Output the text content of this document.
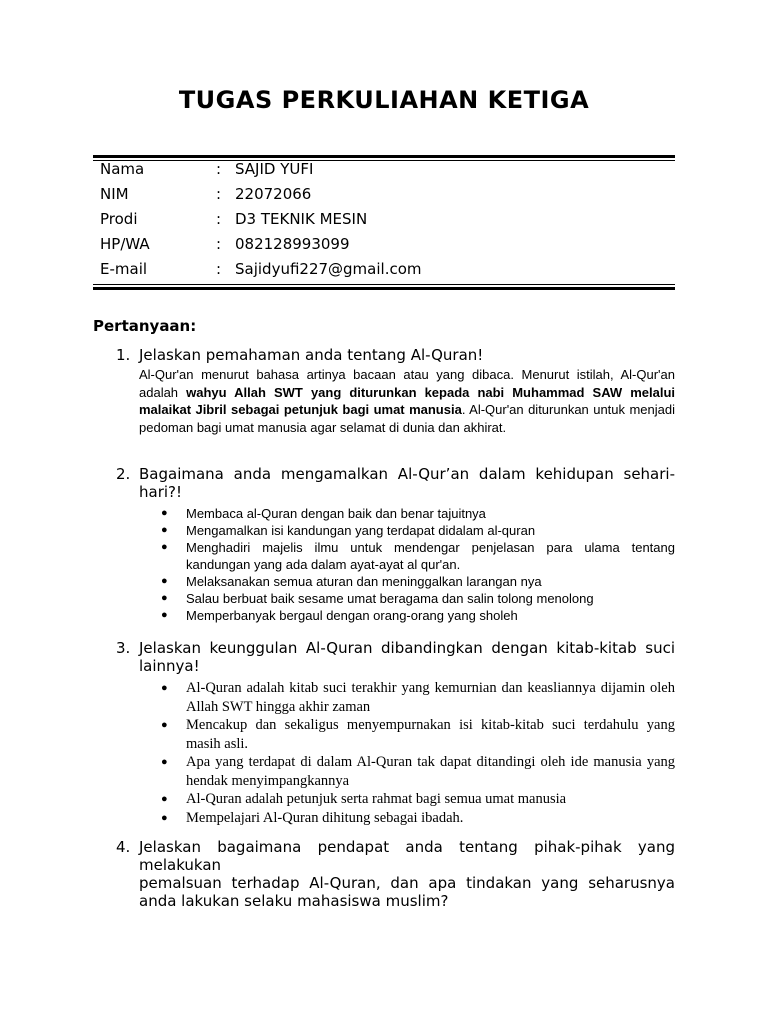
TUGAS PERKULIAHAN KETIGA
Nama	: SAJID YUFI
NIM	: 22072066
Prodi	: D3 TEKNIK MESIN
HP/WA	: 082128993099
E-mail	: Sajidyufi227@gmail.com
Pertanyaan:
1. Jelaskan pemahaman anda tentang Al-Quran!
Al-Qur'an menurut bahasa artinya bacaan atau yang dibaca. Menurut istilah, Al-Qur'an adalah wahyu Allah SWT yang diturunkan kepada nabi Muhammad SAW melalui malaikat Jibril sebagai petunjuk bagi umat manusia. Al-Qur'an diturunkan untuk menjadi pedoman bagi umat manusia agar selamat di dunia dan akhirat.
2. Bagaimana anda mengamalkan Al-Qur’an dalam kehidupan sehari-hari?!
● Membaca al-Quran dengan baik dan benar tajuitnya
● Mengamalkan isi kandungan yang terdapat didalam al-quran
● Menghadiri majelis ilmu untuk mendengar penjelasan para ulama tentang kandungan yang ada dalam ayat-ayat al qur'an.
● Melaksanakan semua aturan dan meninggalkan larangan nya
● Salau berbuat baik sesame umat beragama dan salin tolong menolong
● Memperbanyak bergaul dengan orang-orang yang sholeh
3. Jelaskan keunggulan Al-Quran dibandingkan dengan kitab-kitab suci lainnya!
● Al-Quran adalah kitab suci terakhir yang kemurnian dan keasliannya dijamin oleh Allah SWT hingga akhir zaman
● Mencakup dan sekaligus menyempurnakan isi kitab-kitab suci terdahulu yang masih asli.
● Apa yang terdapat di dalam Al-Quran tak dapat ditandingi oleh ide manusia yang hendak menyimpangkannya
● Al-Quran adalah petunjuk serta rahmat bagi semua umat manusia
● Mempelajari Al-Quran dihitung sebagai ibadah.
4. Jelaskan bagaimana pendapat anda tentang pihak-pihak yang melakukan
pemalsuan terhadap Al-Quran, dan apa tindakan yang seharusnya anda lakukan selaku mahasiswa muslim?
